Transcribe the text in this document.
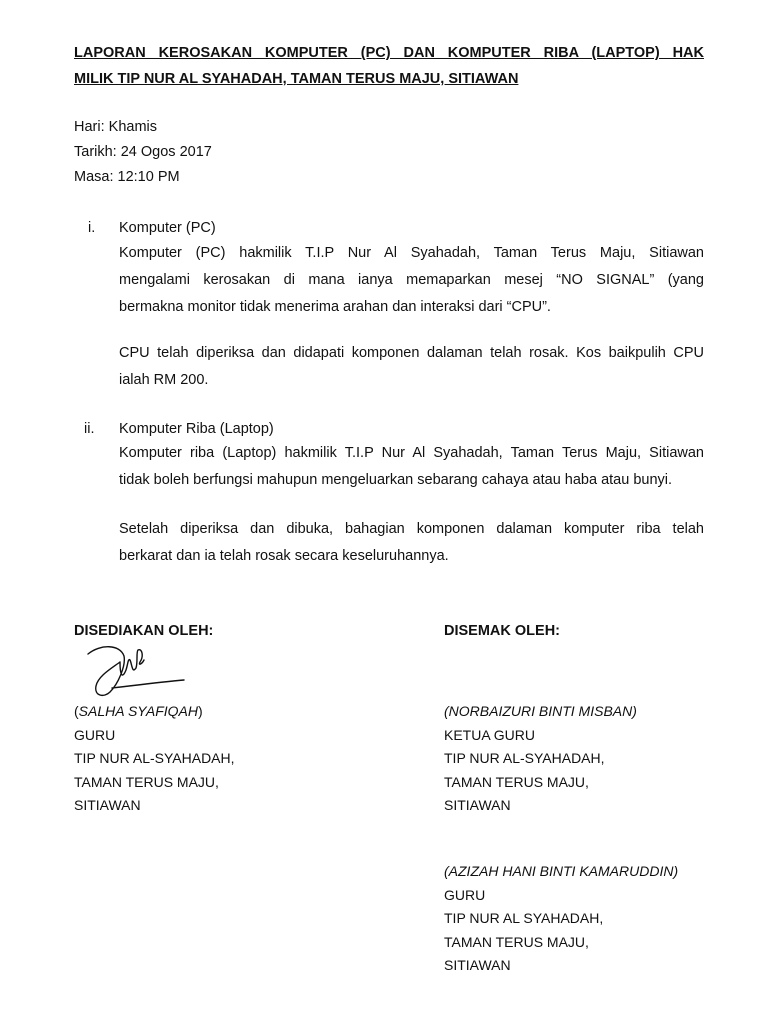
LAPORAN KEROSAKAN KOMPUTER (PC) DAN KOMPUTER RIBA (LAPTOP) HAK
MILIK TIP NUR AL SYAHADAH, TAMAN TERUS MAJU, SITIAWAN
Hari: Khamis
Tarikh: 24 Ogos 2017
Masa: 12:10 PM
i. Komputer (PC)
Komputer (PC) hakmilik T.I.P Nur Al Syahadah, Taman Terus Maju, Sitiawan
mengalami kerosakan di mana ianya memaparkan mesej “NO SIGNAL” (yang
bermakna monitor tidak menerima arahan dan interaksi dari “CPU”.
CPU telah diperiksa dan didapati komponen dalaman telah rosak. Kos baikpulih CPU
ialah RM 200.
ii. Komputer Riba (Laptop)
Komputer riba (Laptop) hakmilik T.I.P Nur Al Syahadah, Taman Terus Maju, Sitiawan
tidak boleh berfungsi mahupun mengeluarkan sebarang cahaya atau haba atau bunyi.
Setelah diperiksa dan dibuka, bahagian komponen dalaman komputer riba telah
berkarat dan ia telah rosak secara keseluruhannya.
DISEDIAKAN OLEH:	DISEMAK OLEH:
(SALHA SYAFIQAH)
GURU
TIP NUR AL-SYAHADAH,
TAMAN TERUS MAJU,
SITIAWAN
(NORBAIZURI BINTI MISBAN)
KETUA GURU
TIP NUR AL-SYAHADAH,
TAMAN TERUS MAJU,
SITIAWAN
(AZIZAH HANI BINTI KAMARUDDIN)
GURU
TIP NUR AL SYAHADAH,
TAMAN TERUS MAJU,
SITIAWAN
